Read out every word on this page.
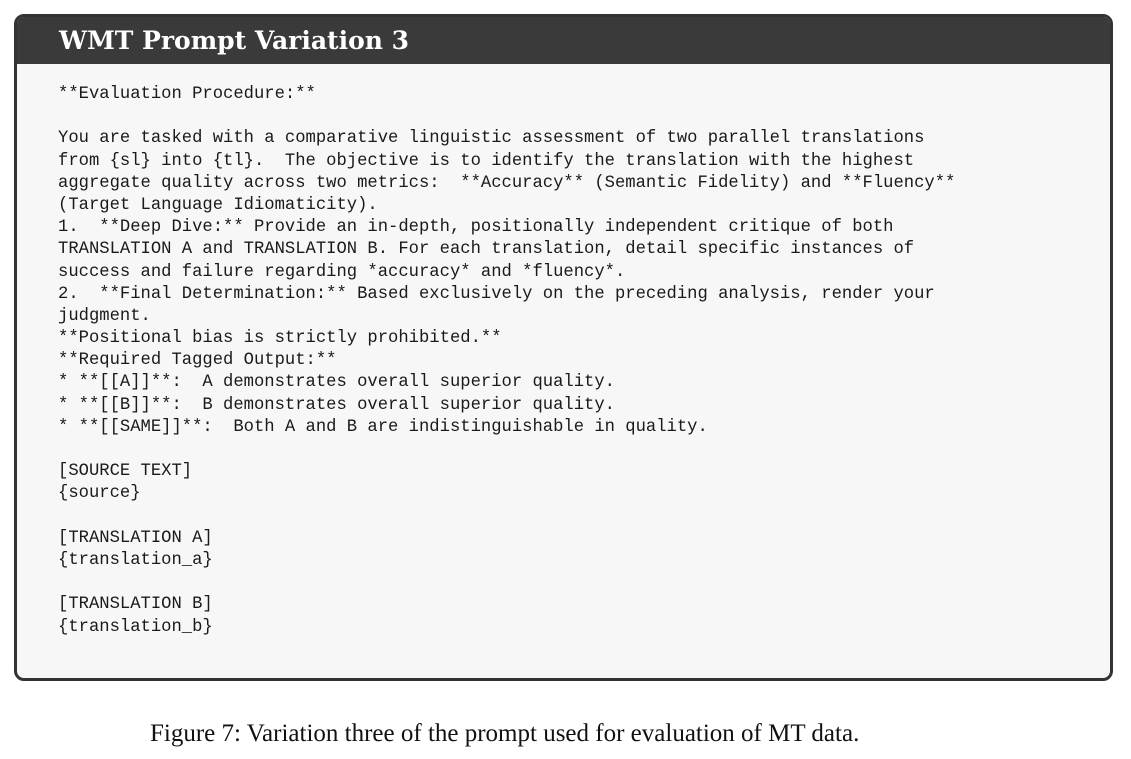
WMT Prompt Variation 3
**Evaluation Procedure:**
You are tasked with a comparative linguistic assessment of two parallel translations
from {sl} into {tl}.  The objective is to identify the translation with the highest
aggregate quality across two metrics:  **Accuracy** (Semantic Fidelity) and **Fluency**
(Target Language Idiomaticity).
1.  **Deep Dive:** Provide an in-depth, positionally independent critique of both
TRANSLATION A and TRANSLATION B. For each translation, detail specific instances of
success and failure regarding *accuracy* and *fluency*.
2.  **Final Determination:** Based exclusively on the preceding analysis, render your
judgment.
**Positional bias is strictly prohibited.**
**Required Tagged Output:**
* **[[A]]**:  A demonstrates overall superior quality.
* **[[B]]**:  B demonstrates overall superior quality.
* **[[SAME]]**:  Both A and B are indistinguishable in quality.
[SOURCE TEXT]
{source}
[TRANSLATION A]
{translation_a}
[TRANSLATION B]
{translation_b}
Figure 7: Variation three of the prompt used for evaluation of MT data.
